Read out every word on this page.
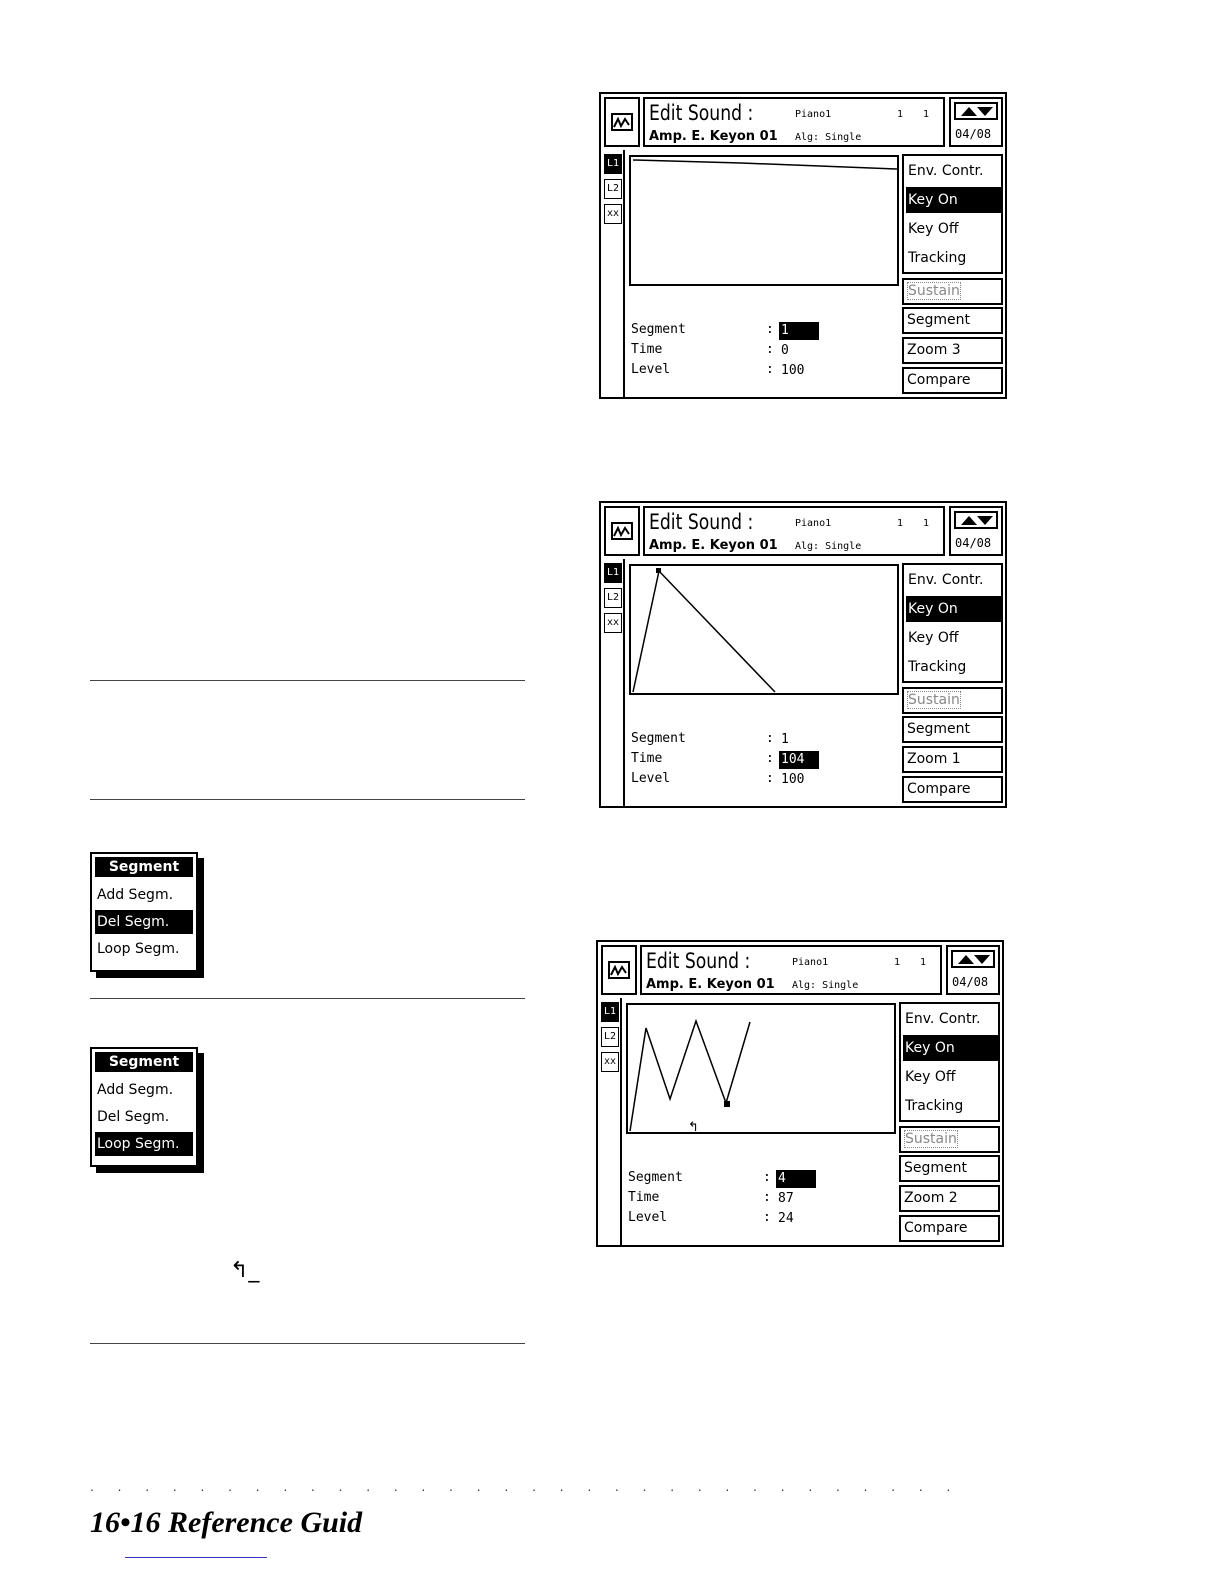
Edit Sound :
Amp. E. Keyon 01
Piano1	1 1
Alg: Single	04/08
L1
L2
xx
Segment	: 1
Time	: 0
Level	: 100
Env. Contr.
Key On
Key Off
Tracking
Sustain
Segment
Zoom 3
Compare
Edit Sound :
Amp. E. Keyon 01
Piano1	1 1
Alg: Single	04/08
L1
L2
xx
Segment	: 1
Time	: 104
Level	: 100
Env. Contr.
Key On
Key Off
Tracking
Sustain
Segment
Zoom 1
Compare
Edit Sound :
Amp. E. Keyon 01
Piano1	1 1
Alg: Single	04/08
L1
L2
xx
↰_
Segment	: 4
Time	: 87
Level	: 24
Env. Contr.
Key On
Key Off
Tracking
Sustain
Segment
Zoom 2
Compare
Segment
Add Segm.
Del Segm.
Loop Segm.
Segment
Add Segm.
Del Segm.
Loop Segm.
↰_
. . . . . . . . . . . . . . . . . . . . . . . . . . . . . . . .
16•16 Reference Guid
